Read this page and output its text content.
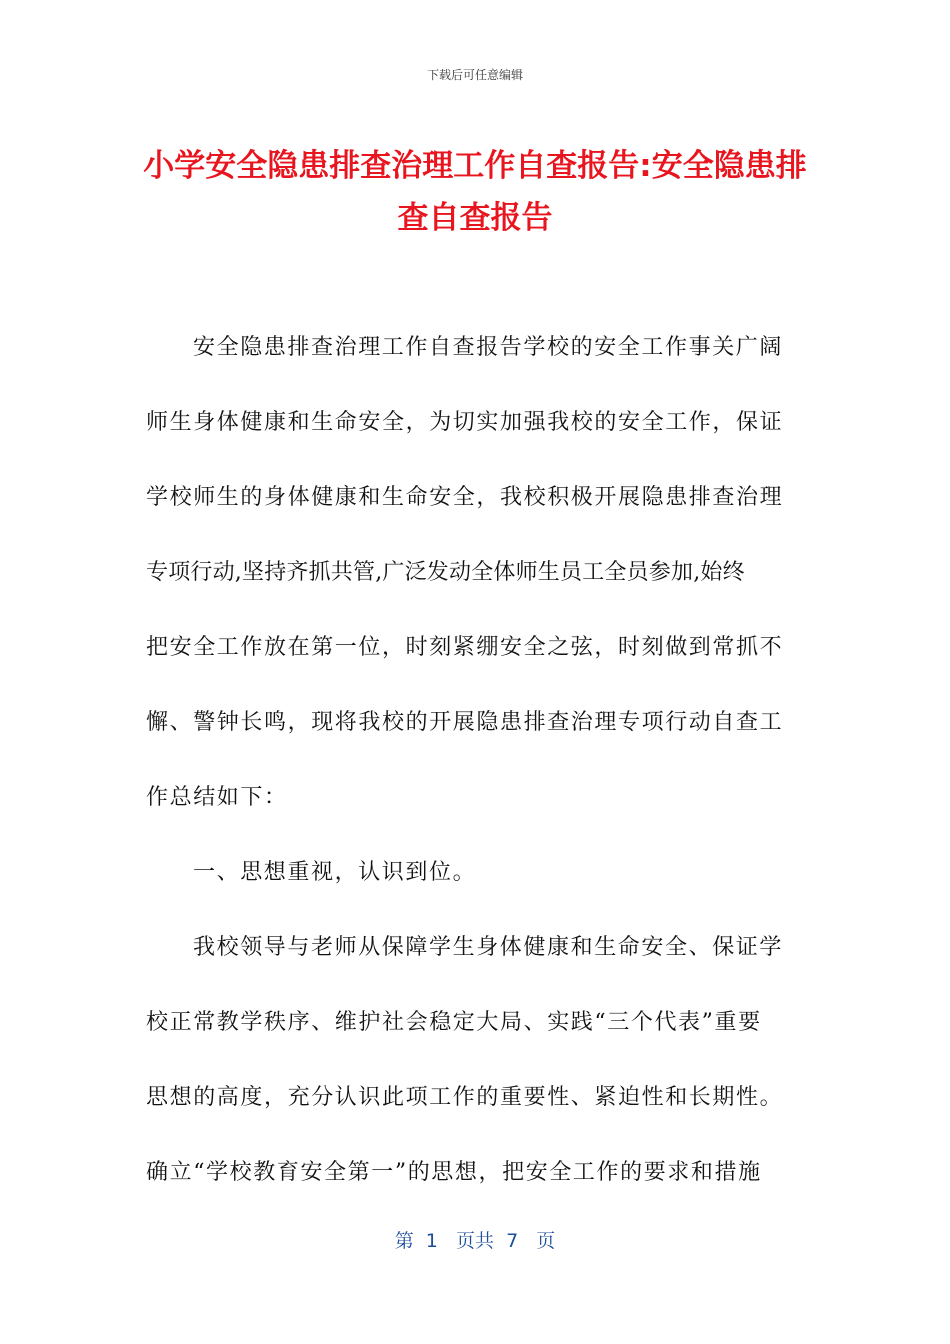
下载后可任意编辑
小学安全隐患排查治理工作自查报告:安全隐患排查自查报告
安全隐患排查治理工作自查报告学校的安全工作事关广阔
师生身体健康和生命安全，为切实加强我校的安全工作，保证
学校师生的身体健康和生命安全，我校积极开展隐患排查治理
专项行动,坚持齐抓共管,广泛发动全体师生员工全员参加,始终
把安全工作放在第一位，时刻紧绷安全之弦，时刻做到常抓不
懈、警钟长鸣，现将我校的开展隐患排查治理专项行动自查工
作总结如下：
一、思想重视，认识到位。
我校领导与老师从保障学生身体健康和生命安全、保证学
校正常教学秩序、维护社会稳定大局、实践“三个代表”重要
思想的高度，充分认识此项工作的重要性、紧迫性和长期性。
确立“学校教育安全第一”的思想，把安全工作的要求和措施
第  1   页共  7   页
